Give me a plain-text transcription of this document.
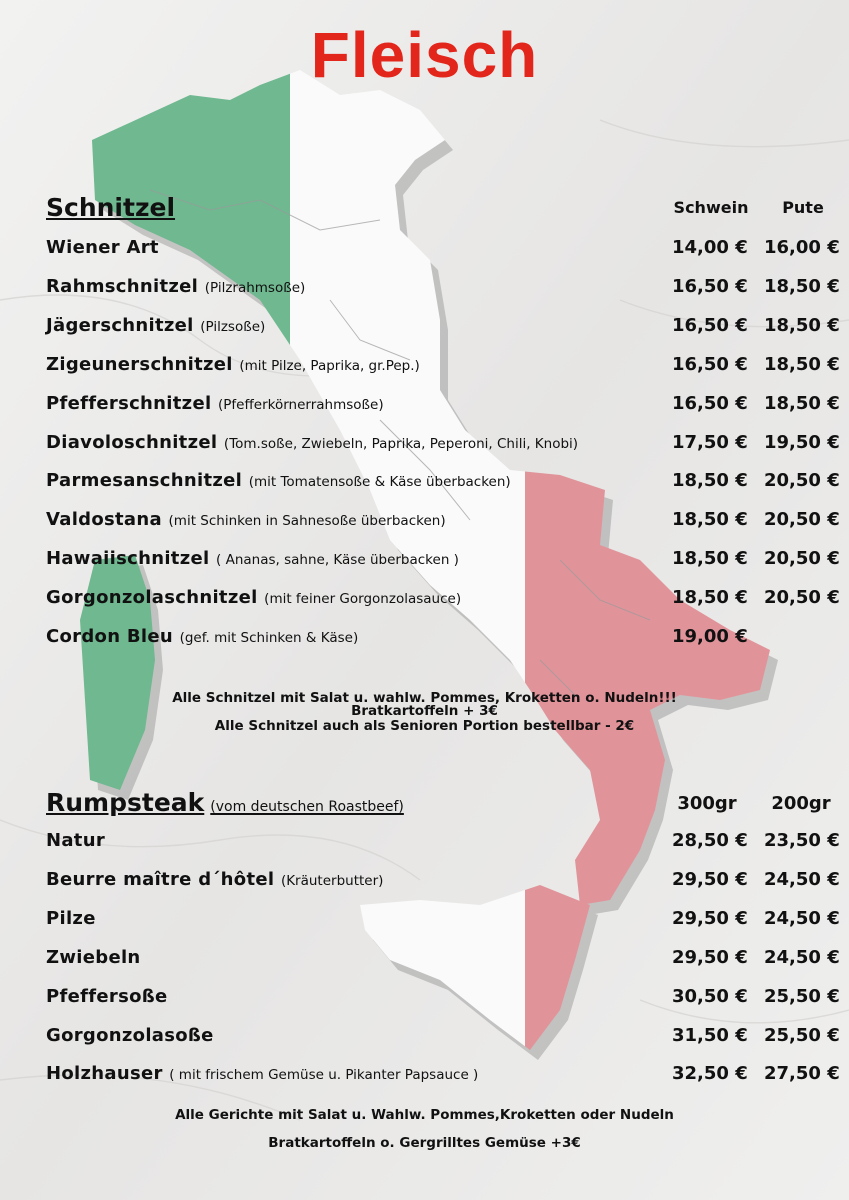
Fleisch
Schnitzel	Schwein	Pute
Wiener Art	14,00 € 16,00 €
Rahmschnitzel (Pilzrahmsoße)	16,50 € 18,50 €
Jägerschnitzel (Pilzsoße)	16,50 € 18,50 €
Zigeunerschnitzel (mit Pilze, Paprika, gr.Pep.)	16,50 € 18,50 €
Pfefferschnitzel (Pfefferkörnerrahmsoße)	16,50 € 18,50 €
Diavoloschnitzel (Tom.soße, Zwiebeln, Paprika, Peperoni, Chili, Knobi)	17,50 € 19,50 €
Parmesanschnitzel (mit Tomatensoße & Käse überbacken)	18,50 € 20,50 €
Valdostana (mit Schinken in Sahnesoße überbacken)	18,50 € 20,50 €
Hawaiischnitzel ( Ananas, sahne, Käse überbacken )	18,50 € 20,50 €
Gorgonzolaschnitzel (mit feiner Gorgonzolasauce)	18,50 € 20,50 €
Cordon Bleu (gef. mit Schinken & Käse)	19,00 €
Alle Schnitzel mit Salat u. wahlw. Pommes, Kroketten o. Nudeln!!!
Bratkartoffeln + 3€
Alle Schnitzel auch als Senioren Portion bestellbar - 2€
Rumpsteak (vom deutschen Roastbeef)	300gr	200gr
Natur	28,50 € 23,50 €
Beurre maître d´hôtel (Kräuterbutter)	29,50 € 24,50 €
Pilze	29,50 € 24,50 €
Zwiebeln	29,50 € 24,50 €
Pfeffersoße	30,50 € 25,50 €
Gorgonzolasoße	31,50 € 25,50 €
Holzhauser ( mit frischem Gemüse u. Pikanter Papsauce )	32,50 € 27,50 €
Alle Gerichte mit Salat u. Wahlw. Pommes,Kroketten oder Nudeln
Bratkartoffeln o. Gergrilltes Gemüse +3€
